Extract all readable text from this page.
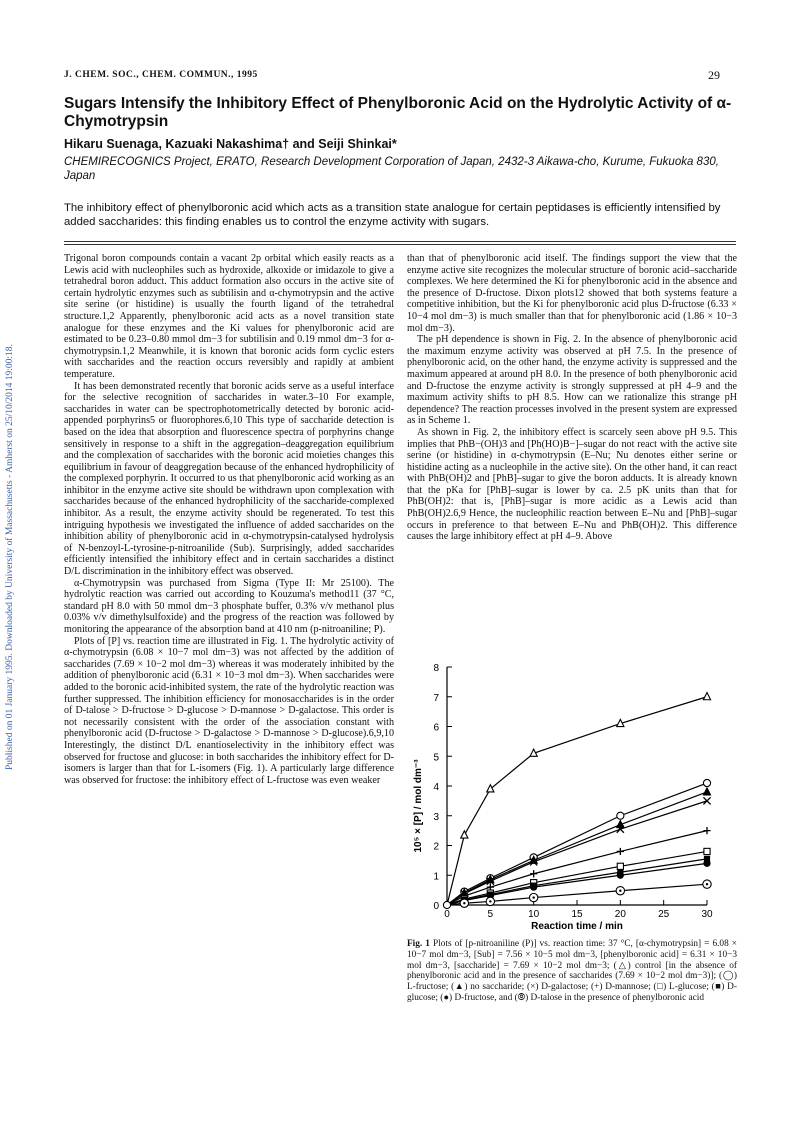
Published on 01 January 1995. Downloaded by University of Massachusetts - Amherst on 25/10/2014 19:00:18.
J. CHEM. SOC., CHEM. COMMUN., 1995	29
Sugars Intensify the Inhibitory Effect of Phenylboronic Acid on the Hydrolytic Activity of α-Chymotrypsin
Hikaru Suenaga, Kazuaki Nakashima† and Seiji Shinkai*
CHEMIRECOGNICS Project, ERATO, Research Development Corporation of Japan, 2432-3 Aikawa-cho, Kurume, Fukuoka 830, Japan
The inhibitory effect of phenylboronic acid which acts as a transition state analogue for certain peptidases is efficiently intensified by added saccharides: this finding enables us to control the enzyme activity with sugars.

Trigonal boron compounds contain a vacant 2p orbital which easily reacts as a Lewis acid with nucleophiles such as hydroxide, alkoxide or imidazole to give a tetrahedral boron adduct. This adduct formation also occurs in the active site of certain hydrolytic enzymes such as subtilisin and α-chymotrypsin and the active site serine (or histidine) is usually the fourth ligand of the tetrahedral structure.1,2 Apparently, phenylboronic acid acts as a novel transition state analogue for these enzymes and the Ki values for phenylboronic acid are estimated to be 0.23–0.80 mmol dm−3 for subtilisin and 0.19 mmol dm−3 for α-chymotrypsin.1,2 Meanwhile, it is known that boronic acids form cyclic esters with saccharides and the reaction occurs reversibly and rapidly at ambient temperature.

It has been demonstrated recently that boronic acids serve as a useful interface for the selective recognition of saccharides in water.3–10 For example, saccharides in water can be spectrophotometrically detected by boronic acid-appended porphyrins5 or fluorophores.6,10 This type of saccharide detection is based on the idea that absorption and fluorescence spectra of porphyrins change sensitively in response to a shift in the aggregation–deaggregation equilibrium and the complexation of saccharides with the boronic acid moieties changes this equilibrium in favour of deaggregation because of the enhanced hydrophilicity of the complexed porphyrin. It occurred to us that phenylboronic acid working as an inhibitor in the enzyme active site should be withdrawn upon complexation with saccharides because of the enhanced hydrophilicity of the saccharide-complexed inhibitor. As a result, the enzyme activity should be regenerated. To test this intriguing hypothesis we investigated the influence of added saccharides on the inhibition ability of phenylboronic acid in α-chymotrypsin-catalysed hydrolysis of N-benzoyl-L-tyrosine-p-nitroanilide (Sub). Surprisingly, added saccharides efficiently intensified the inhibitory effect and in certain saccharides a distinct D/L discrimination in the inhibitory effect was observed.

α-Chymotrypsin was purchased from Sigma (Type II: Mr 25100). The hydrolytic reaction was carried out according to Kouzuma's method11 (37 °C, standard pH 8.0 with 50 mmol dm−3 phosphate buffer, 0.3% v/v methanol plus 0.03% v/v dimethylsulfoxide) and the progress of the reaction was followed by monitoring the appearance of the absorption band at 410 nm (p-nitroaniline; P).

Plots of [P] vs. reaction time are illustrated in Fig. 1. The hydrolytic activity of α-chymotrypsin (6.08 × 10−7 mol dm−3) was not affected by the addition of saccharides (7.69 × 10−2 mol dm−3) whereas it was moderately inhibited by the addition of phenylboronic acid (6.31 × 10−3 mol dm−3). When saccharides were added to the boronic acid-inhibited system, the rate of the hydrolytic reaction was further suppressed. The inhibition efficiency for monosaccharides is in the order of D-talose > D-fructose > D-glucose > D-mannose > D-galactose. This order is not necessarily consistent with the order of the association constant with phenylboronic acid (D-fructose > D-galactose > D-mannose > D-glucose).6,9,10 Interestingly, the distinct D/L enantioselectivity in the inhibitory effect was observed for fructose and glucose: in both saccharides the inhibitory effect for D-isomers is larger than that for L-isomers (Fig. 1). A particularly large difference was observed for fructose: the inhibitory effect of L-fructose was even weaker

than that of phenylboronic acid itself. The findings support the view that the enzyme active site recognizes the molecular structure of boronic acid–saccharide complexes. We here determined the Ki for phenylboronic acid in the absence and the presence of D-fructose. Dixon plots12 showed that both systems feature a competitive inhibition, but the Ki for phenylboronic acid plus D-fructose (6.33 × 10−4 mol dm−3) is much smaller than that for phenylboronic acid (1.86 × 10−3 mol dm−3).

The pH dependence is shown in Fig. 2. In the absence of phenylboronic acid the maximum enzyme activity was observed at pH 7.5. In the presence of phenylboronic acid, on the other hand, the enzyme activity is suppressed and the maximum appeared at around pH 8.0. In the presence of both phenylboronic acid and D-fructose the enzyme activity is strongly suppressed at pH 4–9 and the maximum activity shifts to pH 8.5. How can we rationalize this strange pH dependence? The reaction processes involved in the present system are expressed as in Scheme 1.

As shown in Fig. 2, the inhibitory effect is scarcely seen above pH 9.5. This implies that PhB−(OH)3 and [Ph(HO)B−]–sugar do not react with the active site serine (or histidine) in α-chymotrypsin (E–Nu; Nu denotes either serine or histidine acting as a nucleophile in the active site). On the other hand, it can react with PhB(OH)2 and [PhB]–sugar to give the boron adducts. It is already known that the pKa for [PhB]–sugar is lower by ca. 2.5 pK units than that for PhB(OH)2: that is, [PhB]–sugar is more acidic as a Lewis acid than PhB(OH)2.6,9 Hence, the nucleophilic reaction between E–Nu and [PhB]–sugar occurs in preference to that between E–Nu and PhB(OH)2. This difference causes the large inhibitory effect at pH 4–9. Above

0	5	10	15	20	25	30
0
1
2
3
4
5
6
7
8
Reaction time / min
10⁵ × [P] / mol dm⁻³
Fig. 1 Plots of [p-nitroaniline (P)] vs. reaction time: 37 °C, [α-chymotrypsin] = 6.08 × 10−7 mol dm−3, [Sub] = 7.56 × 10−5 mol dm−3, [phenylboronic acid] = 6.31 × 10−3 mol dm−3, [saccharide] = 7.69 × 10−2 mol dm−3; (△) control [in the absence of phenylboronic acid and in the presence of saccharides (7.69 × 10−2 mol dm−3)]; (◯) L-fructose; (▲) no saccharide; (×) D-galactose; (+) D-mannose; (□) L-glucose; (■) D-glucose; (●) D-fructose, and (⦾) D-talose in the presence of phenylboronic acid
